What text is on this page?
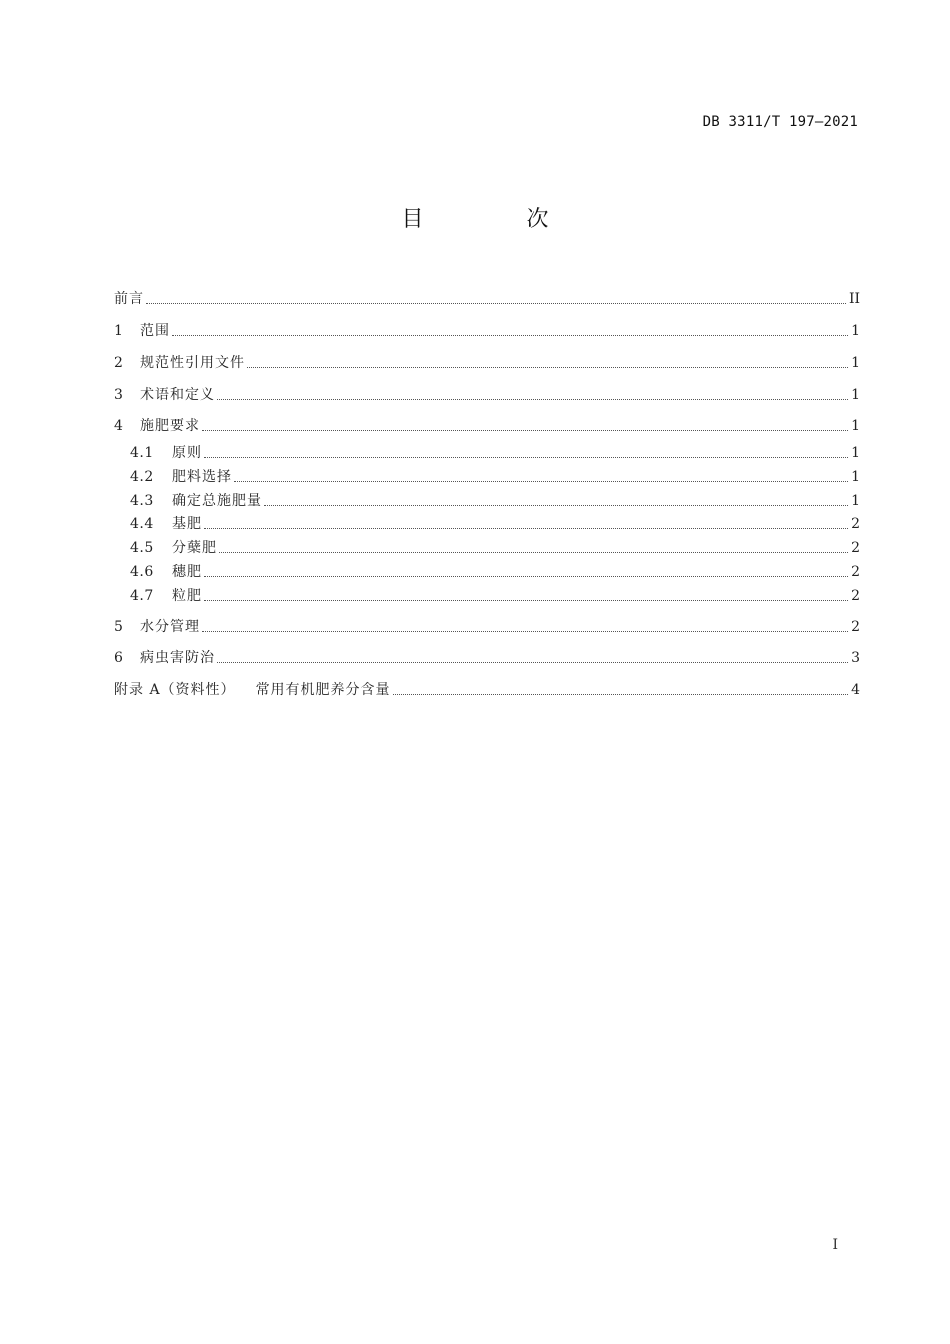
DB 3311/T 197—2021
目 次
前言	II
1	范围	1
2	规范性引用文件	1
3	术语和定义	1
4	施肥要求	1
4.1	原则	1
4.2	肥料选择	1
4.3	确定总施肥量	1
4.4	基肥	2
4.5	分蘖肥	2
4.6	穗肥	2
4.7	粒肥	2
5	水分管理	2
6	病虫害防治	3
附录 A（资料性）	常用有机肥养分含量	4
I
